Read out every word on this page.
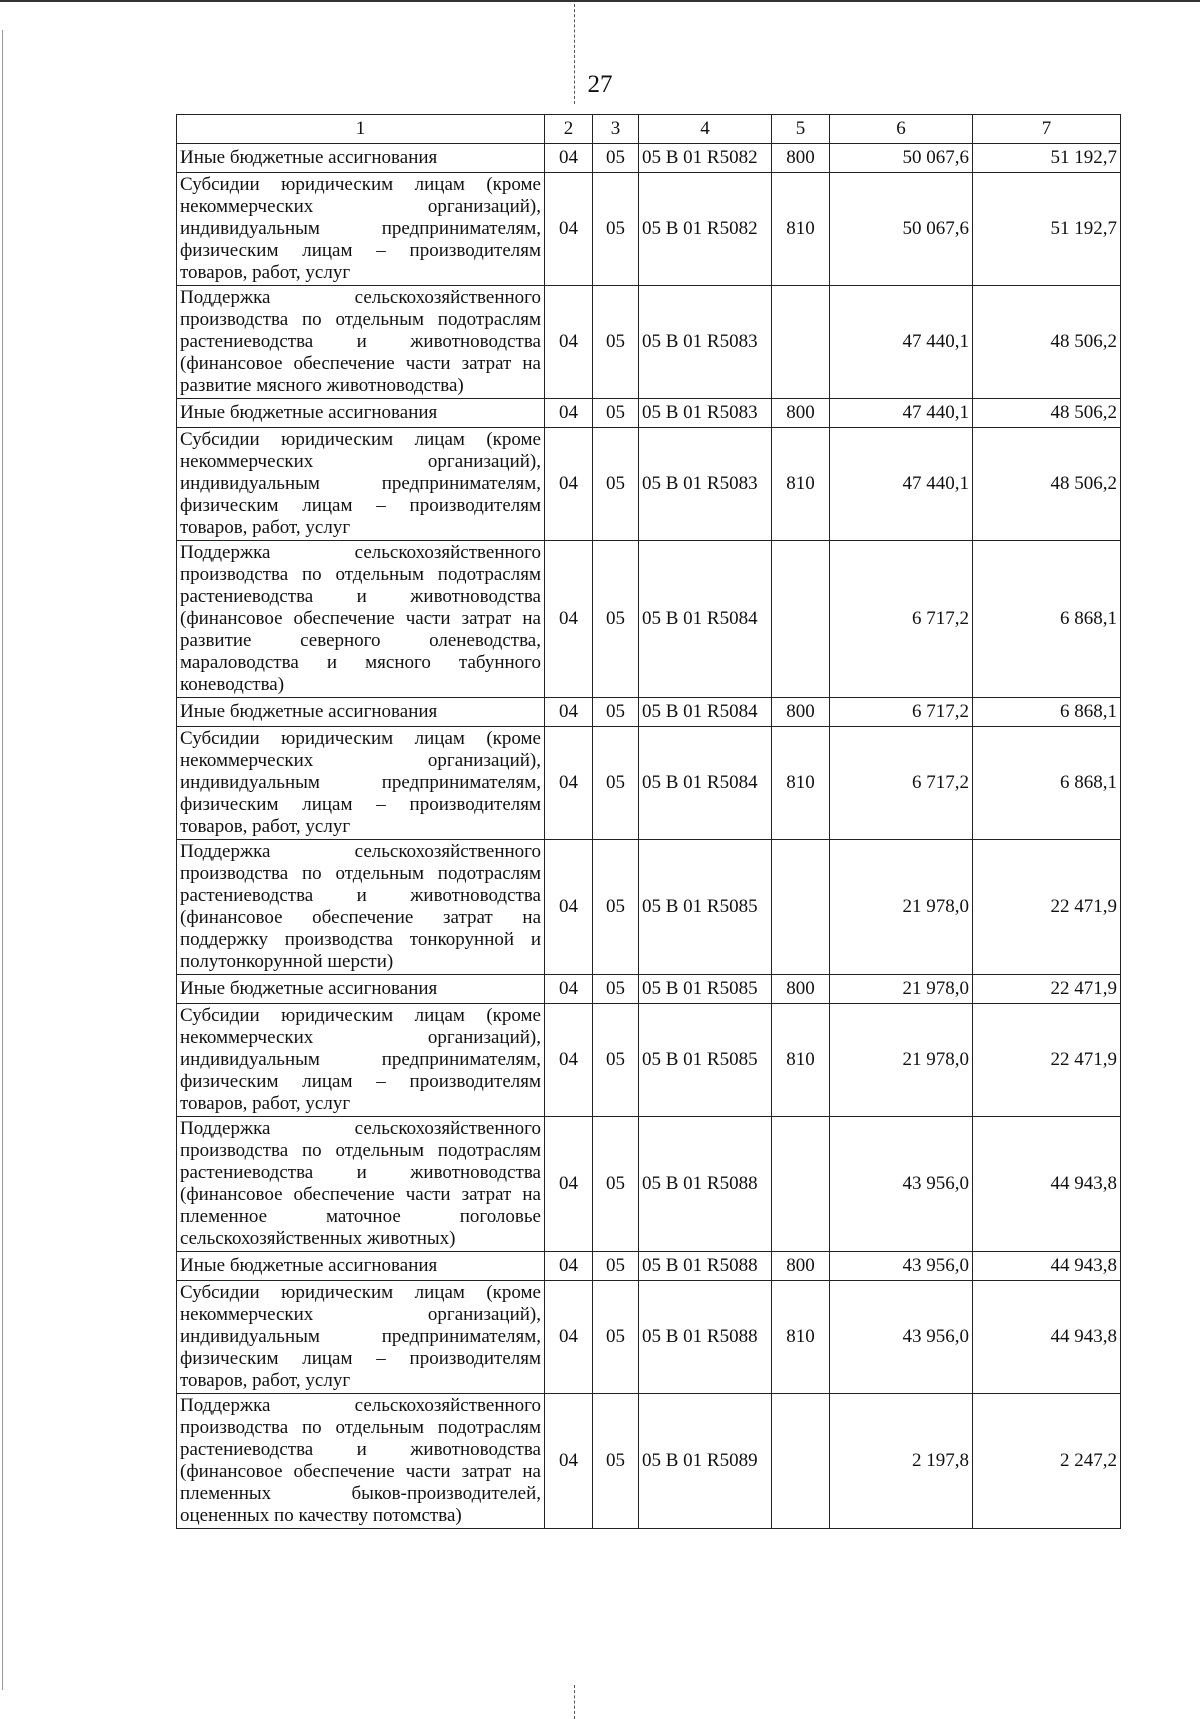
27
1	2	3	4	5	6	7
Иные бюджетные ассигнования	04	05	05 В 01 R5082	800	50 067,6	51 192,7
Субсидии юридическим лицам (кроме некоммерческих организаций), индивидуальным предпринимателям, физическим лицам – производителям товаров, работ, услуг	04	05	05 В 01 R5082	810	50 067,6	51 192,7
Поддержка сельскохозяйственного производства по отдельным подотраслям растениеводства и животноводства (финансовое обеспечение части затрат на развитие мясного животноводства)	04	05	05 В 01 R5083		47 440,1	48 506,2
Иные бюджетные ассигнования	04	05	05 В 01 R5083	800	47 440,1	48 506,2
Субсидии юридическим лицам (кроме некоммерческих организаций), индивидуальным предпринимателям, физическим лицам – производителям товаров, работ, услуг	04	05	05 В 01 R5083	810	47 440,1	48 506,2
Поддержка сельскохозяйственного производства по отдельным подотраслям растениеводства и животноводства (финансовое обеспечение части затрат на развитие северного оленеводства, мараловодства и мясного табунного коневодства)	04	05	05 В 01 R5084		6 717,2	6 868,1
Иные бюджетные ассигнования	04	05	05 В 01 R5084	800	6 717,2	6 868,1
Субсидии юридическим лицам (кроме некоммерческих организаций), индивидуальным предпринимателям, физическим лицам – производителям товаров, работ, услуг	04	05	05 В 01 R5084	810	6 717,2	6 868,1
Поддержка сельскохозяйственного производства по отдельным подотраслям растениеводства и животноводства (финансовое обеспечение затрат на поддержку производства тонкорунной и полутонкорунной шерсти)	04	05	05 В 01 R5085		21 978,0	22 471,9
Иные бюджетные ассигнования	04	05	05 В 01 R5085	800	21 978,0	22 471,9
Субсидии юридическим лицам (кроме некоммерческих организаций), индивидуальным предпринимателям, физическим лицам – производителям товаров, работ, услуг	04	05	05 В 01 R5085	810	21 978,0	22 471,9
Поддержка сельскохозяйственного производства по отдельным подотраслям растениеводства и животноводства (финансовое обеспечение части затрат на племенное маточное поголовье сельскохозяйственных животных)	04	05	05 В 01 R5088		43 956,0	44 943,8
Иные бюджетные ассигнования	04	05	05 В 01 R5088	800	43 956,0	44 943,8
Субсидии юридическим лицам (кроме некоммерческих организаций), индивидуальным предпринимателям, физическим лицам – производителям товаров, работ, услуг	04	05	05 В 01 R5088	810	43 956,0	44 943,8
Поддержка сельскохозяйственного производства по отдельным подотраслям растениеводства и животноводства (финансовое обеспечение части затрат на племенных быков-производителей, оцененных по качеству потомства)	04	05	05 В 01 R5089		2 197,8	2 247,2
